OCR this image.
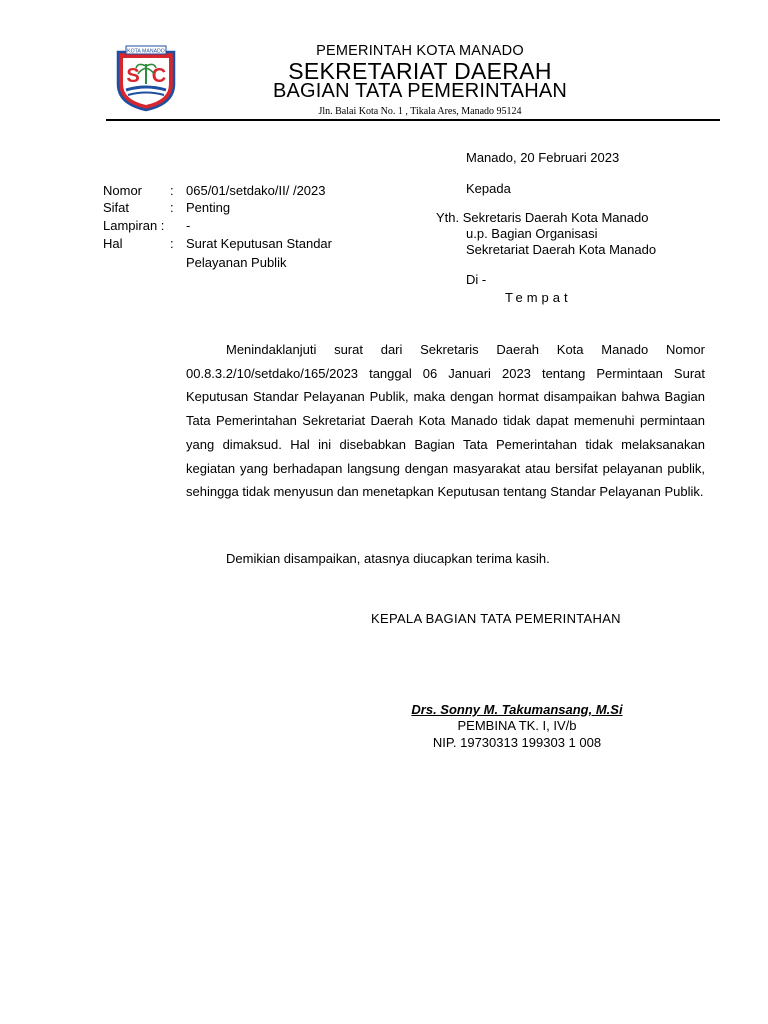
KOTA MANADO
S C
PEMERINTAH KOTA MANADO
SEKRETARIAT DAERAH
BAGIAN TATA PEMERINTAHAN
Jln. Balai Kota No. 1 , Tikala Ares, Manado 95124
Manado, 20 Februari 2023
Kepada
Yth. Sekretaris Daerah Kota Manado
u.p. Bagian Organisasi
Sekretariat Daerah Kota Manado
Di -
Tempat
Nomor : 065/01/setdako/II/ /2023
Sifat	: Penting
Lampiran : -
Hal	: Surat Keputusan Standar
Pelayanan Publik

Menindaklanjuti surat dari Sekretaris Daerah Kota Manado Nomor 00.8.3.2/10/setdako/165/2023 tanggal 06 Januari 2023 tentang Permintaan Surat Keputusan Standar Pelayanan Publik, maka dengan hormat disampaikan bahwa Bagian Tata Pemerintahan Sekretariat Daerah Kota Manado tidak dapat memenuhi permintaan yang dimaksud. Hal ini disebabkan Bagian Tata Pemerintahan tidak melaksanakan kegiatan yang berhadapan langsung dengan masyarakat atau bersifat pelayanan publik, sehingga tidak menyusun dan menetapkan Keputusan tentang Standar Pelayanan Publik.

Demikian disampaikan, atasnya diucapkan terima kasih.
KEPALA BAGIAN TATA PEMERINTAHAN
Drs. Sonny M. Takumansang, M.Si
PEMBINA TK. I, IV/b
NIP. 19730313 199303 1 008
